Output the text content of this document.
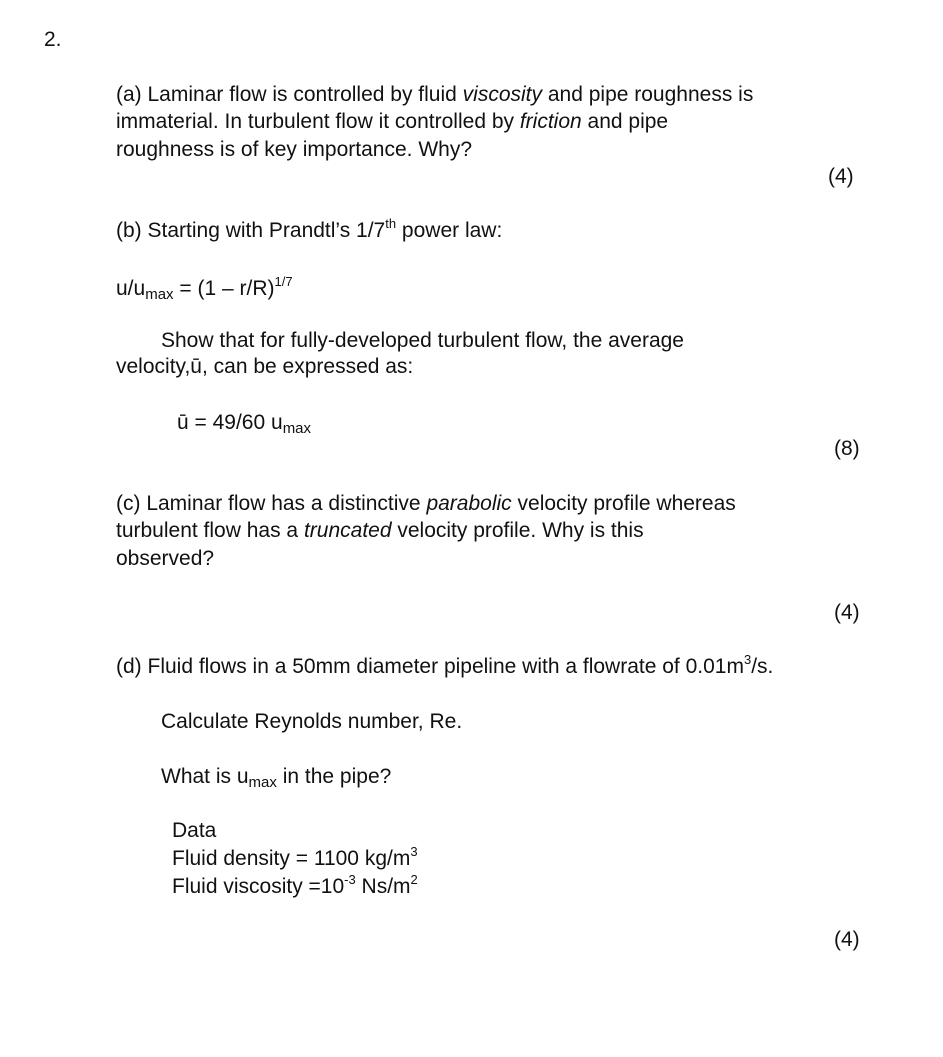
2.
(a) Laminar flow is controlled by fluid viscosity and pipe roughness is
immaterial. In turbulent flow it controlled by friction and pipe
roughness is of key importance. Why?
(4)
(b) Starting with Prandtl’s 1/7th power law:
u/umax = (1 – r/R)$^{1/7}$
Show that for fully-developed turbulent flow, the average
velocity,ū, can be expressed as:
ū = 49/60 umax
(8)
(c) Laminar flow has a distinctive parabolic velocity profile whereas
turbulent flow has a truncated velocity profile. Why is this
observed?
(4)
(d) Fluid flows in a 50mm diameter pipeline with a flowrate of $0.01m^3/s$.
Calculate Reynolds number, Re.
What is umax in the pipe?
Data
Fluid density = 1100 $kg/m^3$
Fluid viscosity $=10^{-3}$ $Ns/m^2$
(4)
